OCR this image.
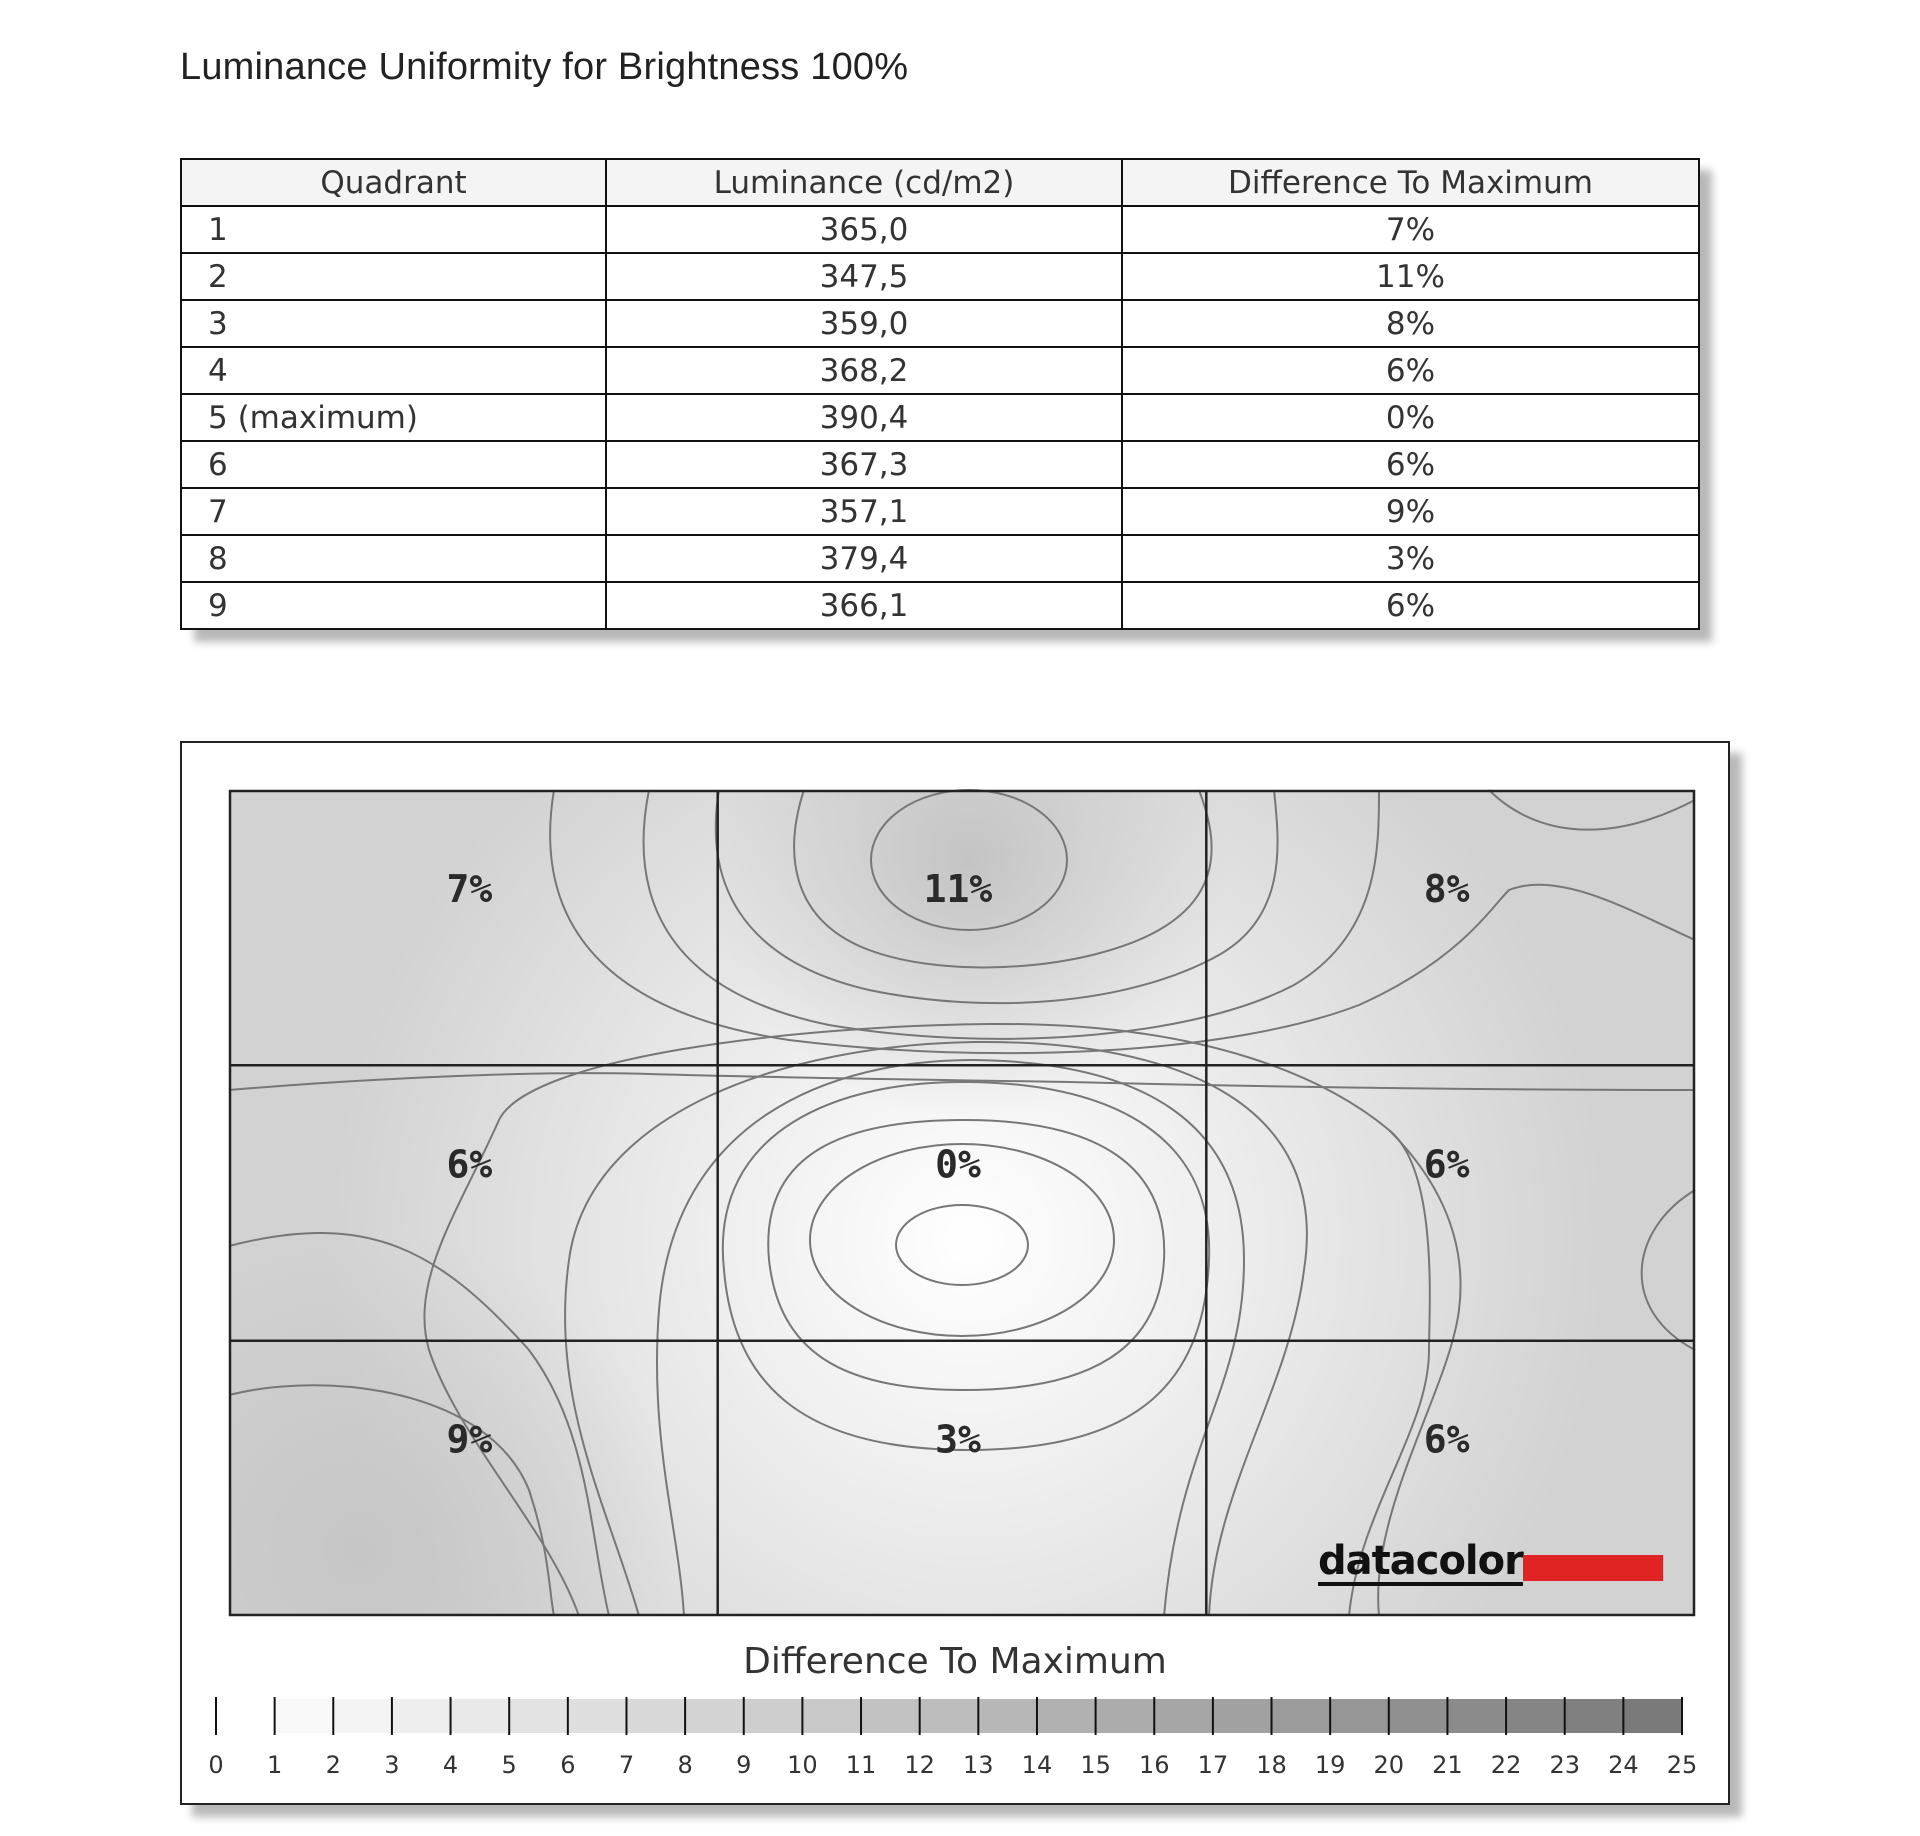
Luminance Uniformity for Brightness 100%
Quadrant	Luminance (cd/m2)	Difference To Maximum
1	365,0	7%
2	347,5	11%
3	359,0	8%
4	368,2	6%
5 (maximum)	390,4	0%
6	367,3	6%
7	357,1	9%
8	379,4	3%
9	366,1	6%
7%	11%	8%
6%	0%	6%
9%	3%	6%
datacolor
Difference To Maximum
0 1 2 3 4 5 6 7 8 9 10 11 12 13 14 15 16 17 18 19 20 21 22 23 24 25
